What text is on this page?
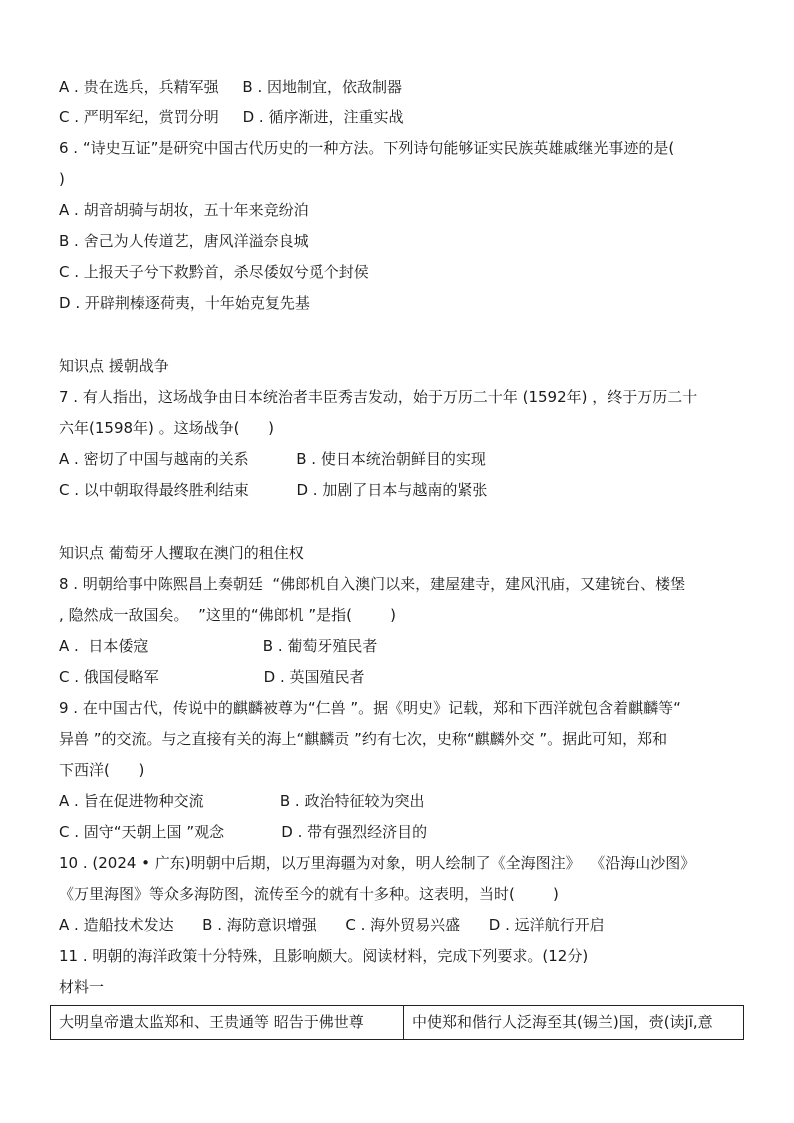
A . 贵在选兵，兵精军强     B . 因地制宜，依敌制器
C . 严明军纪，赏罚分明     D . 循序渐进，注重实战
6 . “诗史互证”是研究中国古代历史的一种方法。下列诗句能够证实民族英雄戚继光事迹的是(
)
A . 胡音胡骑与胡妆，五十年来竞纷泊
B . 舍己为人传道艺，唐风洋溢奈良城
C . 上报天子兮下救黔首，杀尽倭奴兮觅个封侯
D . 开辟荆榛逐荷夷，十年始克复先基
知识点 援朝战争
7 . 有人指出，这场战争由日本统治者丰臣秀吉发动，始于万历二十年 (1592年) ，终于万历二十
六年(1598年) 。这场战争(      )
A . 密切了中国与越南的关系          B . 使日本统治朝鲜目的实现
C . 以中朝取得最终胜利结束          D . 加剧了日本与越南的紧张
知识点 葡萄牙人攫取在澳门的租住权
8 . 明朝给事中陈熙昌上奏朝廷  “佛郎机自入澳门以来，建屋建寺，建风汛庙，又建铳台、楼堡
, 隐然成一敌国矣。  ”这里的“佛郎机 ”是指(        )
A .  日本倭寇                        B . 葡萄牙殖民者
C . 俄国侵略军                      D . 英国殖民者
9 . 在中国古代，传说中的麒麟被尊为“仁兽 ”。据《明史》记载，郑和下西洋就包含着麒麟等“
异兽 ”的交流。与之直接有关的海上“麒麟贡 ”约有七次，史称“麒麟外交 ”。据此可知，郑和
下西洋(      )
A . 旨在促进物种交流                B . 政治特征较为突出
C . 固守“天朝上国 ”观念            D . 带有强烈经济目的
10 . (2024 • 广东)明朝中后期，以万里海疆为对象，明人绘制了《全海图注》  《沿海山沙图》
《万里海图》等众多海防图，流传至今的就有十多种。这表明，当时(        )
A . 造船技术发达      B . 海防意识增强      C . 海外贸易兴盛      D . 远洋航行开启
11 . 明朝的海洋政策十分特殊，且影响颇大。阅读材料，完成下列要求。(12分)
材料一
大明皇帝遣太监郑和、王贵通等 昭告于佛世尊	中使郑和偕行人泛海至其(锡兰)国，赍(读jī,意
